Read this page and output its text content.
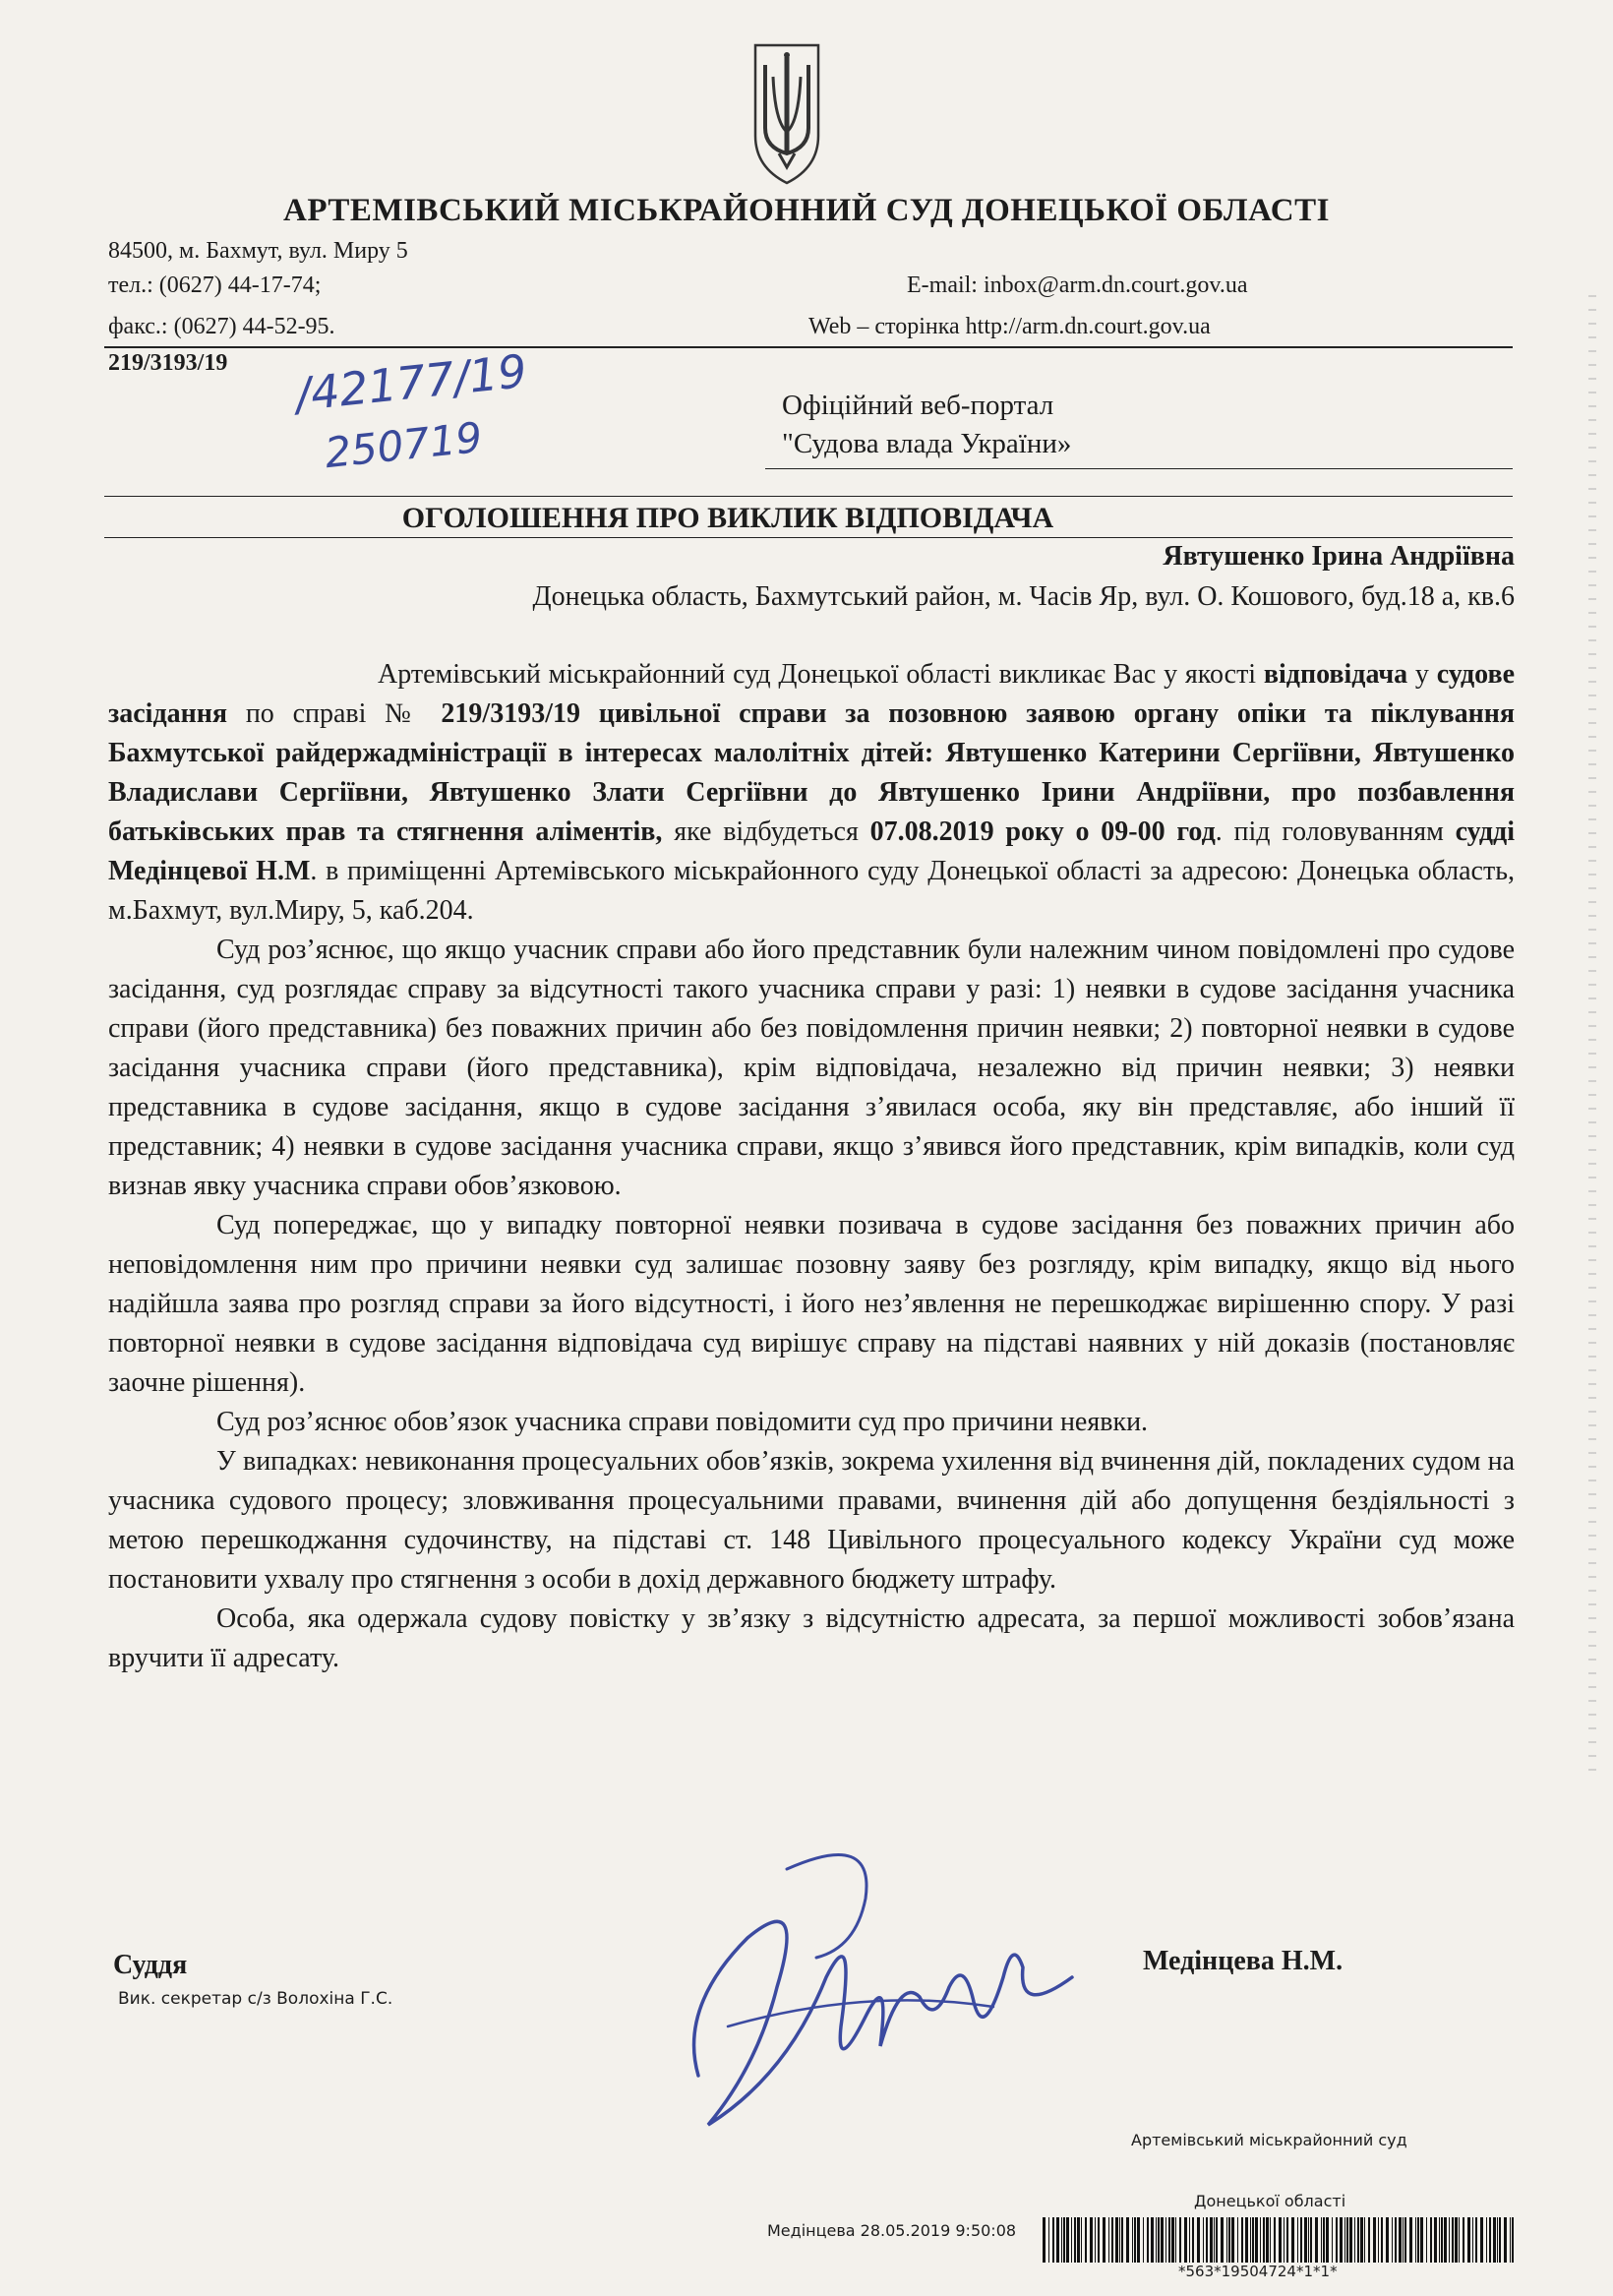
АРТЕМІВСЬКИЙ МІСЬКРАЙОННИЙ СУД ДОНЕЦЬКОЇ ОБЛАСТІ
84500, м. Бахмут, вул. Миру 5
тел.: (0627) 44-17-74;
факс.: (0627) 44-52-95.
E-mail: inbox@arm.dn.court.gov.ua
Web – сторінка http://arm.dn.court.gov.ua
219/3193/19 /42177/19
250719
Офіційний веб-портал
"Судова влада України»
ОГОЛОШЕННЯ ПРО ВИКЛИК ВІДПОВІДАЧА
Явтушенко Ірина Андріївна
Донецька область, Бахмутський район, м. Часів Яр, вул. О. Кошового, буд.18 а, кв.6

Артемівський міськрайонний суд Донецької області викликає Вас у якості відповідача у судове засідання по справі № 219/3193/19 цивільної справи за позовною заявою органу опіки та піклування Бахмутської райдержадміністрації в інтересах малолітніх дітей: Явтушенко Катерини Сергіївни, Явтушенко Владислави Сергіївни, Явтушенко Злати Сергіївни до Явтушенко Ірини Андріївни, про позбавлення батьківських прав та стягнення аліментів, яке відбудеться 07.08.2019 року о 09-00 год. під головуванням судді Медінцевої Н.М. в приміщенні Артемівського міськрайонного суду Донецької області за адресою: Донецька область, м.Бахмут, вул.Миру, 5, каб.204.

Суд роз’яснює, що якщо учасник справи або його представник були належним чином повідомлені про судове засідання, суд розглядає справу за відсутності такого учасника справи у разі: 1) неявки в судове засідання учасника справи (його представника) без поважних причин або без повідомлення причин неявки; 2) повторної неявки в судове засідання учасника справи (його представника), крім відповідача, незалежно від причин неявки; 3) неявки представника в судове засідання, якщо в судове засідання з’явилася особа, яку він представляє, або інший її представник; 4) неявки в судове засідання учасника справи, якщо з’явився його представник, крім випадків, коли суд визнав явку учасника справи обов’язковою.

Суд попереджає, що у випадку повторної неявки позивача в судове засідання без поважних причин або неповідомлення ним про причини неявки суд залишає позовну заяву без розгляду, крім випадку, якщо від нього надійшла заява про розгляд справи за його відсутності, і його нез’явлення не перешкоджає вирішенню спору. У разі повторної неявки в судове засідання відповідача суд вирішує справу на підставі наявних у ній доказів (постановляє заочне рішення).

Суд роз’яснює обов’язок учасника справи повідомити суд про причини неявки.

У випадках: невиконання процесуальних обов’язків, зокрема ухилення від вчинення дій, покладених судом на учасника судового процесу; зловживання процесуальними правами, вчинення дій або допущення бездіяльності з метою перешкоджання судочинству, на підставі ст. 148 Цивільного процесуального кодексу України суд може постановити ухвалу про стягнення з особи в дохід державного бюджету штрафу.

Особа, яка одержала судову повістку у зв’язку з відсутністю адресата, за першої можливості зобов’язана вручити її адресату.

Суддя
Вик. секретар с/з Волохіна Г.С.
Медінцева Н.М.
Артемівський міськрайонний суд
Донецької області
Медінцева 28.05.2019 9:50:08
*563*19504724*1*1*
